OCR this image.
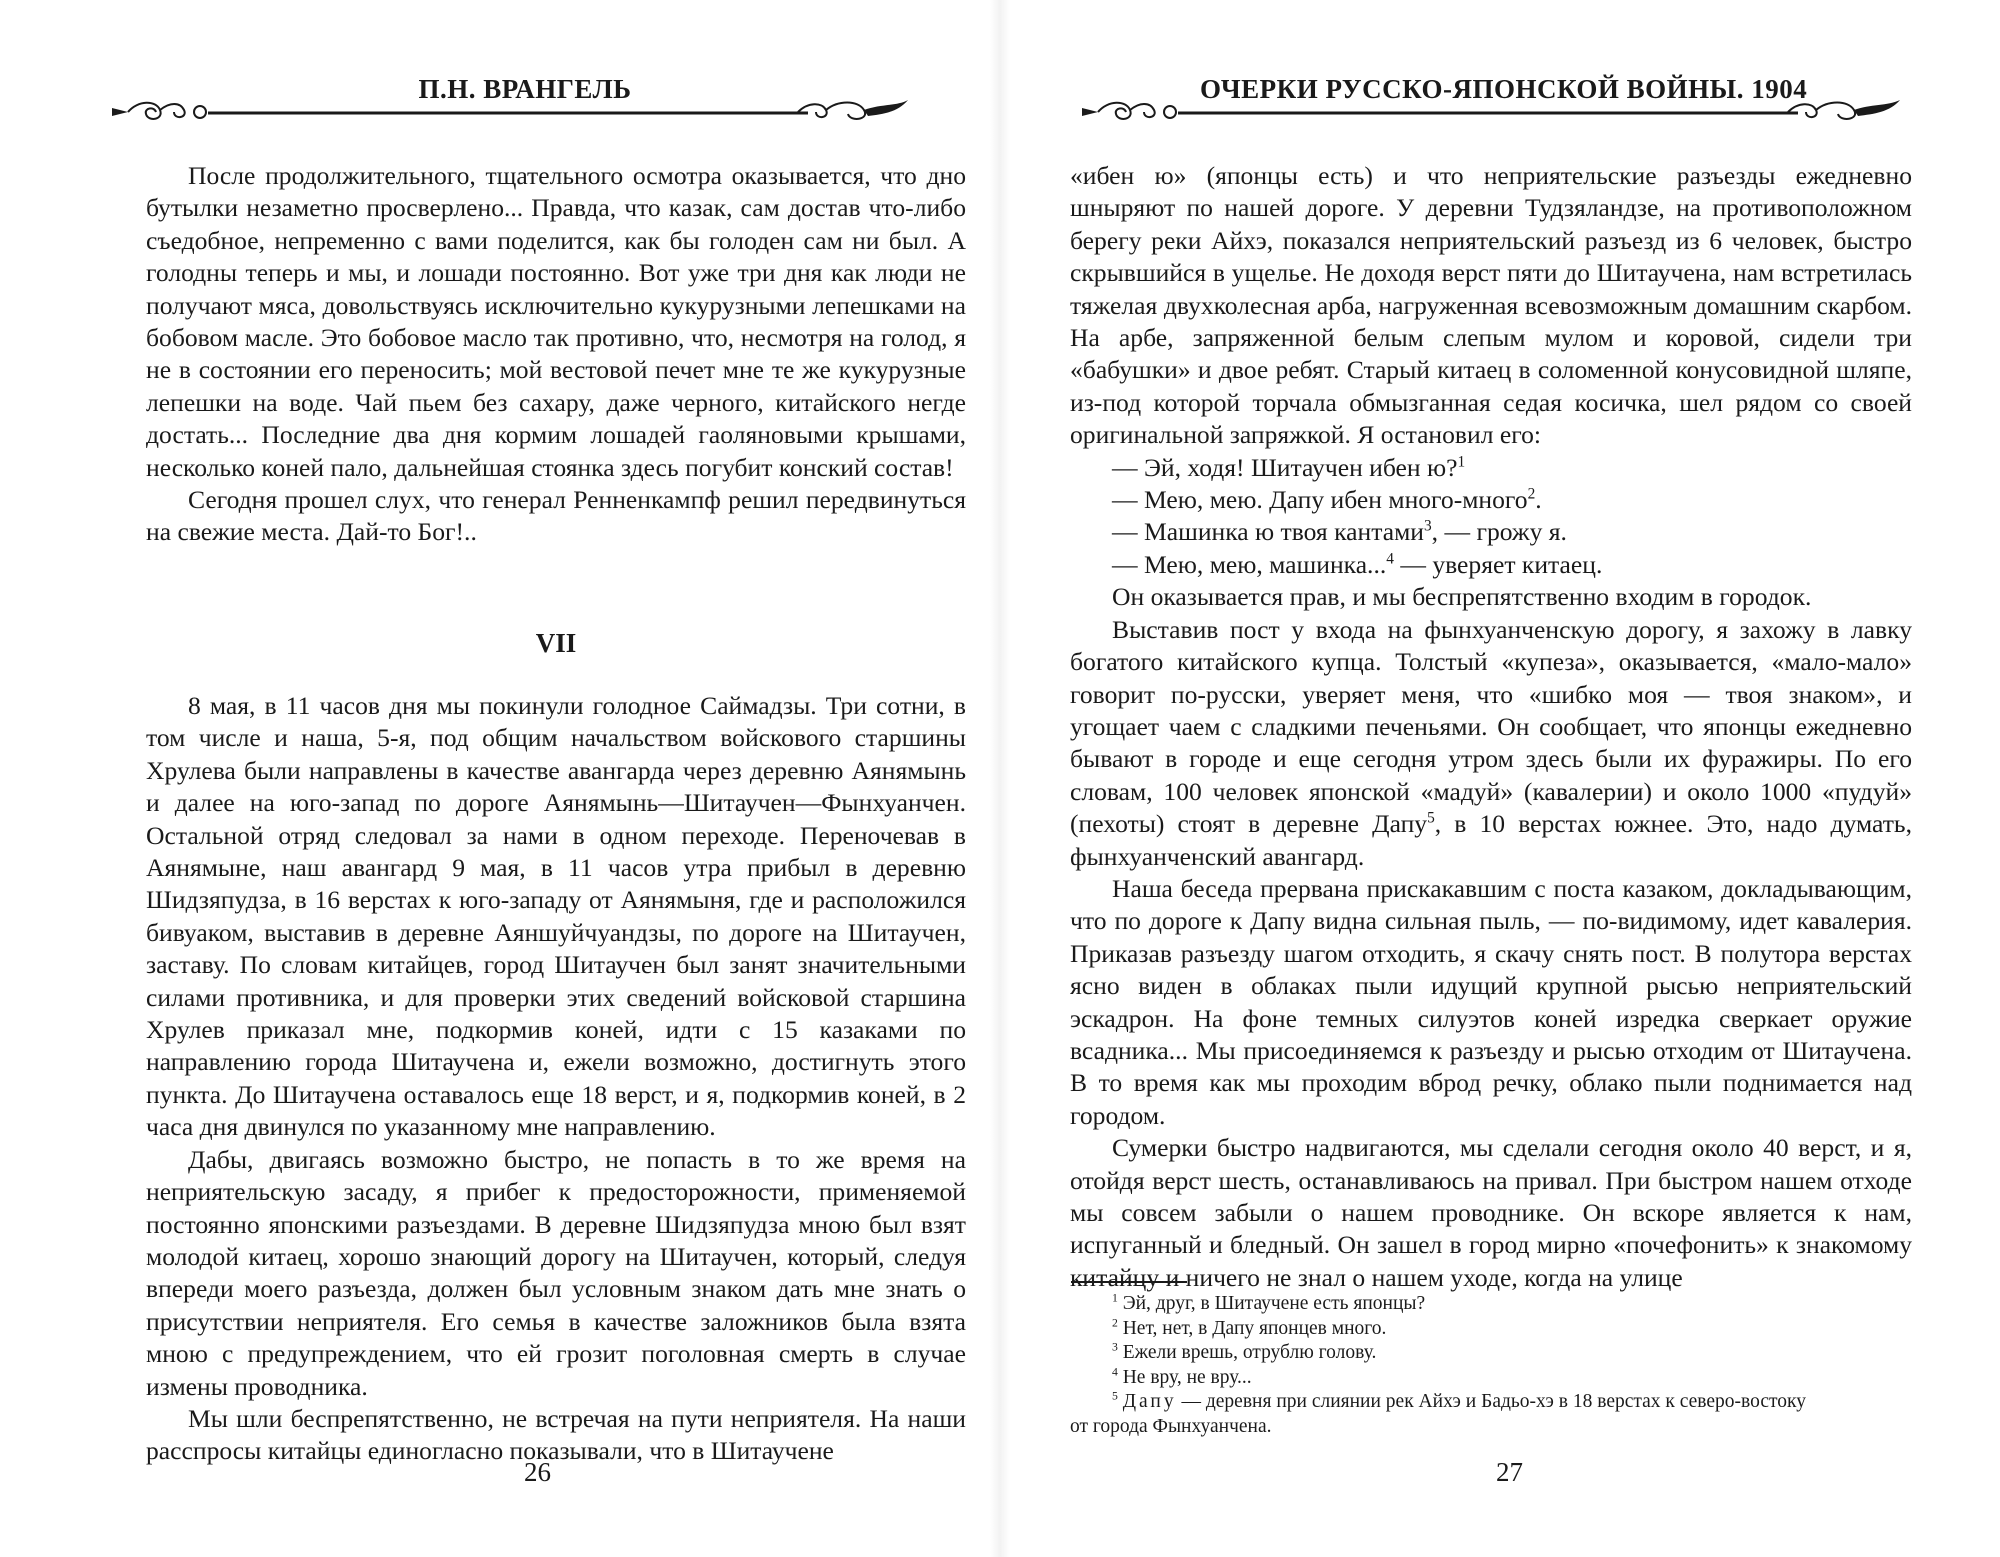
П.Н. ВРАНГЕЛЬ

После продолжительного, тщательного осмотра оказывается, что дно бутылки незаметно просверлено... Правда, что казак, сам достав что-либо съедобное, непременно с вами поделится, как бы голоден сам ни был. А голодны теперь и мы, и лошади постоянно. Вот уже три дня как люди не получают мяса, довольствуясь исключительно кукурузными лепешками на бобовом масле. Это бобовое масло так противно, что, несмотря на голод, я не в состоянии его переносить; мой вестовой печет мне те же кукурузные лепешки на воде. Чай пьем без сахару, даже черного, китайского негде достать... Последние два дня кормим лошадей гаоляновыми крышами, несколько коней пало, дальнейшая стоянка здесь погубит конский состав!

Сегодня прошел слух, что генерал Ренненкампф решил передвинуться на свежие места. Дай-то Бог!..

VII

8 мая, в 11 часов дня мы покинули голодное Саймадзы. Три сотни, в том числе и наша, 5-я, под общим начальством войскового старшины Хрулева были направлены в качестве авангарда через деревню Аянямынь и далее на юго-запад по дороге Аянямынь—Шитаучен—Фынхуанчен. Остальной отряд следовал за нами в одном переходе. Переночевав в Аянямыне, наш авангард 9 мая, в 11 часов утра прибыл в деревню Шидзяпудза, в 16 верстах к юго-западу от Аянямыня, где и расположился бивуаком, выставив в деревне Аяншуйчуандзы, по дороге на Шитаучен, заставу. По словам китайцев, город Шитаучен был занят значительными силами противника, и для проверки этих сведений войсковой старшина Хрулев приказал мне, подкормив коней, идти с 15 казаками по направлению города Шитаучена и, ежели возможно, достигнуть этого пункта. До Шитаучена оставалось еще 18 верст, и я, подкормив коней, в 2 часа дня двинулся по указанному мне направлению.

Дабы, двигаясь возможно быстро, не попасть в то же время на неприятельскую засаду, я прибег к предосторожности, применяемой постоянно японскими разъездами. В деревне Шидзяпудза мною был взят молодой китаец, хорошо знающий дорогу на Шитаучен, который, следуя впереди моего разъезда, должен был условным знаком дать мне знать о присутствии неприятеля. Его семья в качестве заложников была взята мною с предупреждением, что ей грозит поголовная смерть в случае измены проводника.

Мы шли беспрепятственно, не встречая на пути неприятеля. На наши расспросы китайцы единогласно показывали, что в Шитаучене

26
ОЧЕРКИ РУССКО-ЯПОНСКОЙ ВОЙНЫ. 1904

«ибен ю» (японцы есть) и что неприятельские разъезды ежедневно шныряют по нашей дороге. У деревни Тудзяландзе, на противоположном берегу реки Айхэ, показался неприятельский разъезд из 6 человек, быстро скрывшийся в ущелье. Не доходя верст пяти до Шитаучена, нам встретилась тяжелая двухколесная арба, нагруженная всевозможным домашним скарбом. На арбе, запряженной белым слепым мулом и коровой, сидели три «бабушки» и двое ребят. Старый китаец в соломенной конусовидной шляпе, из-под которой торчала обмызганная седая косичка, шел рядом со своей оригинальной запряжкой. Я остановил его:

— Эй, ходя! Шитаучен ибен ю?$^1$

— Мею, мею. Дапу ибен много-много$^2$.

— Машинка ю твоя кантами$^3$, — грожу я.

— Мею, мею, машинка...$^4$ — уверяет китаец.

Он оказывается прав, и мы беспрепятственно входим в городок.

Выставив пост у входа на фынхуанченскую дорогу, я захожу в лавку богатого китайского купца. Толстый «купеза», оказывается, «мало-мало» говорит по-русски, уверяет меня, что «шибко моя — твоя знаком», и угощает чаем с сладкими печеньями. Он сообщает, что японцы ежедневно бывают в городе и еще сегодня утром здесь были их фуражиры. По его словам, 100 человек японской «мадуй» (кавалерии) и около 1000 «пудуй» (пехоты) стоят в деревне Дапу$^5$, в 10 верстах южнее. Это, надо думать, фынхуанченский авангард.

Наша беседа прервана прискакавшим с поста казаком, докладывающим, что по дороге к Дапу видна сильная пыль, — по-видимому, идет кавалерия. Приказав разъезду шагом отходить, я скачу снять пост. В полутора верстах ясно виден в облаках пыли идущий крупной рысью неприятельский эскадрон. На фоне темных силуэтов коней изредка сверкает оружие всадника... Мы присоединяемся к разъезду и рысью отходим от Шитаучена. В то время как мы проходим вброд речку, облако пыли поднимается над городом.

Сумерки быстро надвигаются, мы сделали сегодня около 40 верст, и я, отойдя верст шесть, останавливаюсь на привал. При быстром нашем отходе мы совсем забыли о нашем проводнике. Он вскоре является к нам, испуганный и бледный. Он зашел в город мирно «почефонить» к знакомому китайцу и ничего не знал о нашем уходе, когда на улице

27

$^1$ Эй, друг, в Шитаучене есть японцы?

$^2$ Нет, нет, в Дапу японцев много.

$^3$ Ежели врешь, отрублю голову.

$^4$ Не вру, не вру...

$^5$ Дапу — деревня при слиянии рек Айхэ и Бадьо-хэ в 18 верстах к северо-востоку

от города Фынхуанчена.
